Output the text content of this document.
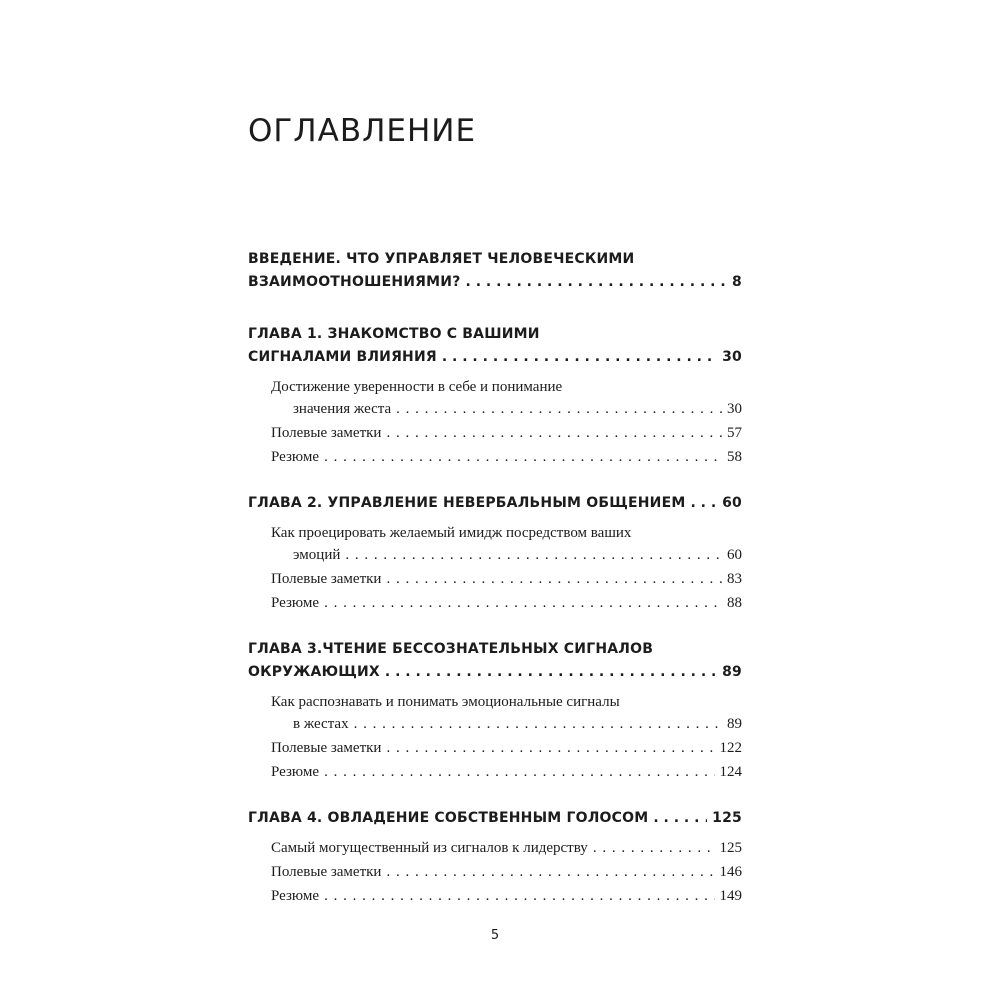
ОГЛАВЛЕНИЕ
ВВЕДЕНИЕ. ЧТО УПРАВЛЯЕТ ЧЕЛОВЕЧЕСКИМИ
ВЗАИМООТНОШЕНИЯМИ? . . .	8
ГЛАВА 1. ЗНАКОМСТВО С ВАШИМИ
СИГНАЛАМИ ВЛИЯНИЯ . . .	30
Достижение уверенности в себе и понимание
значения жеста . . .	30
Полевые заметки . . .	57
Резюме . . .	58
ГЛАВА 2. УПРАВЛЕНИЕ НЕВЕРБАЛЬНЫМ ОБЩЕНИЕМ . . .	60
Как проецировать желаемый имидж посредством ваших
эмоций . . .	60
Полевые заметки . . .	83
Резюме . . .	88
ГЛАВА 3.ЧТЕНИЕ БЕССОЗНАТЕЛЬНЫХ СИГНАЛОВ
ОКРУЖАЮЩИХ . . .	89
Как распознавать и понимать эмоциональные сигналы
в жестах . . .	89
Полевые заметки . . .	122
Резюме . . .	124
ГЛАВА 4. ОВЛАДЕНИЕ СОБСТВЕННЫМ ГОЛОСОМ . . .	125
Самый могущественный из сигналов к лидерству . . .	125
Полевые заметки . . .	146
Резюме . . .	149
5
